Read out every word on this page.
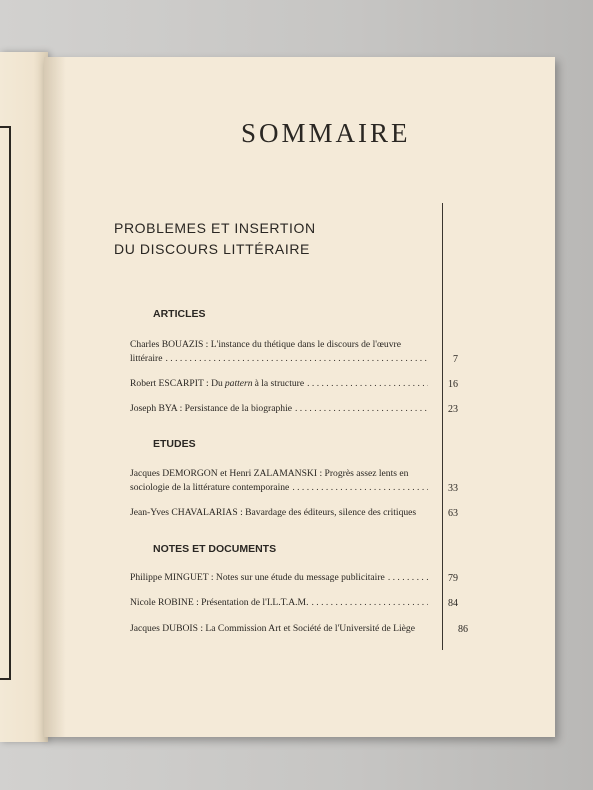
SOMMAIRE
PROBLEMES ET INSERTION
DU DISCOURS LITTÉRAIRE
ARTICLES
Charles BOUAZIS : L'instance du thétique dans le discours de l'œuvre
littéraire . . .	7
Robert ESCARPIT : Du pattern à la structure . . .	16
Joseph BYA : Persistance de la biographie . . .	23
ETUDES
Jacques DEMORGON et Henri ZALAMANSKI : Progrès assez lents en
sociologie de la littérature contemporaine . . .	33
Jean-Yves CHAVALARIAS : Bavardage des éditeurs, silence des critiques	63
NOTES ET DOCUMENTS
Philippe MINGUET : Notes sur une étude du message publicitaire . . .	79
Nicole ROBINE : Présentation de l'I.L.T.A.M. . . .	84
Jacques DUBOIS : La Commission Art et Société de l'Université de Liège	86
